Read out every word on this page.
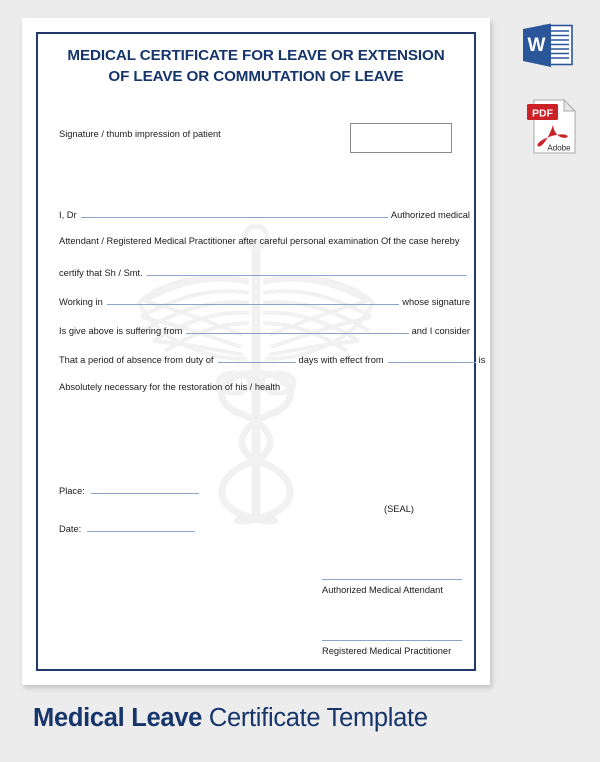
MEDICAL CERTIFICATE FOR LEAVE OR EXTENSION
OF LEAVE OR COMMUTATION OF LEAVE
Signature / thumb impression of patient
I, Dr	Authorized medical
Attendant / Registered Medical Practitioner after careful personal examination Of the case hereby
certify that Sh / Smt.
Working in	whose signature
Is give above is suffering from	and I consider
That a period of absence from duty of	days with effect from	is
Absolutely necessary for the restoration of his / health
Place:
Date:
(SEAL)
Authorized Medical Attendant
Registered Medical Practitioner
W
PDF
Adobe
Medical Leave Certificate Template
